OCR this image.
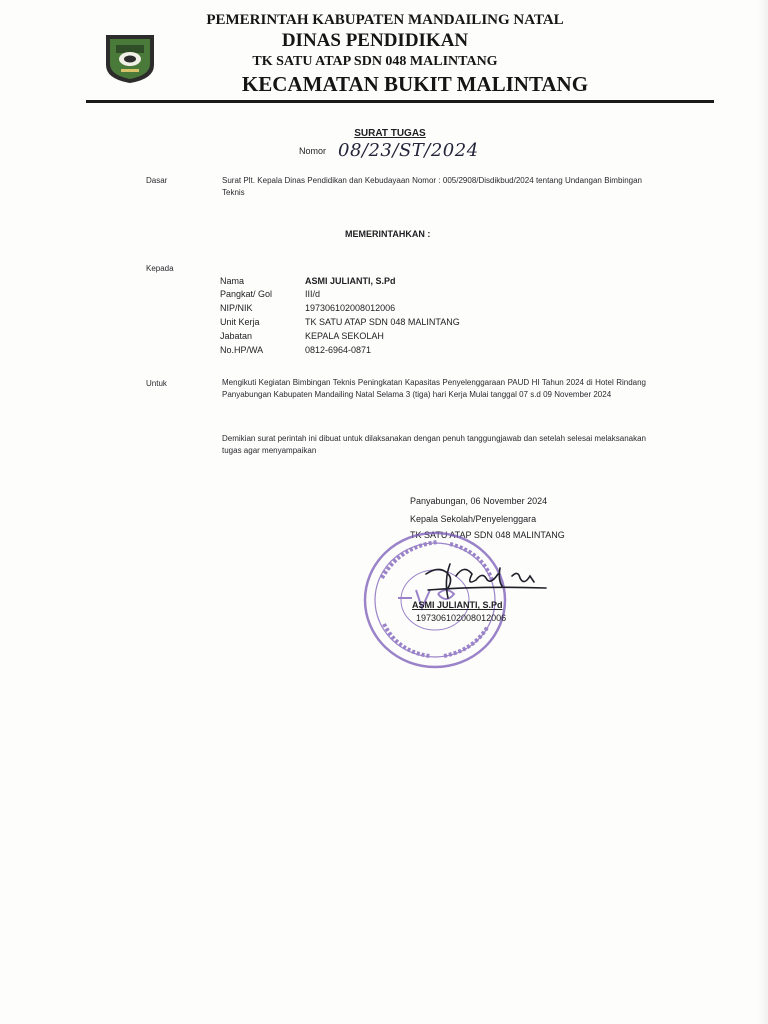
PEMERINTAH KABUPATEN MANDAILING NATAL
DINAS PENDIDIKAN
TK SATU ATAP SDN 048 MALINTANG
KECAMATAN BUKIT MALINTANG
SURAT TUGAS
Nomor 08/23/ST/2024
Dasar	Surat Plt. Kepala Dinas Pendidikan dan Kebudayaan Nomor : 005/2908/Disdikbud/2024 tentang Undangan Bimbingan Teknis
MEMERINTAHKAN :
Kepada
Nama	ASMI JULIANTI, S.Pd
Pangkat/ Gol	III/d
NIP/NIK	197306102008012006
Unit Kerja	TK SATU ATAP SDN 048 MALINTANG
Jabatan	KEPALA SEKOLAH
No.HP/WA	0812-6964-0871
Untuk	Mengikuti Kegiatan Bimbingan Teknis Peningkatan Kapasitas Penyelenggaraan PAUD HI Tahun 2024 di Hotel Rindang Panyabungan Kabupaten Mandailing Natal Selama 3 (tiga) hari Kerja Mulai tanggal 07 s.d 09 November 2024
Demikian surat perintah ini dibuat untuk dilaksanakan dengan penuh tanggungjawab dan setelah selesai melaksanakan tugas agar menyampaikan
Panyabungan, 06 November 2024
Kepala Sekolah/Penyelenggara
TK SATU ATAP SDN 048 MALINTANG
ASMI JULIANTI, S.Pd
197306102008012006
